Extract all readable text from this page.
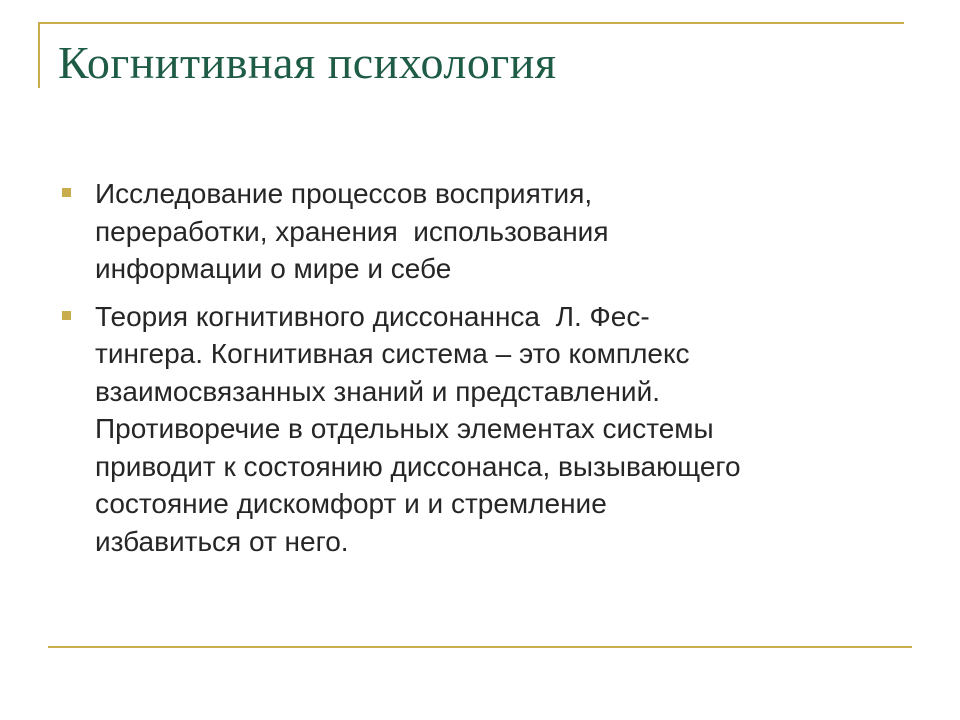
Когнитивная психология
Исследование процессов восприятия,
переработки, хранения  использования
информации о мире и себе
Теория когнитивного диссонаннса  Л. Фес-
тингера. Когнитивная система – это комплекс
взаимосвязанных знаний и представлений.
Противоречие в отдельных элементах системы
приводит к состоянию диссонанса, вызывающего
состояние дискомфорт и и стремление
избавиться от него.
